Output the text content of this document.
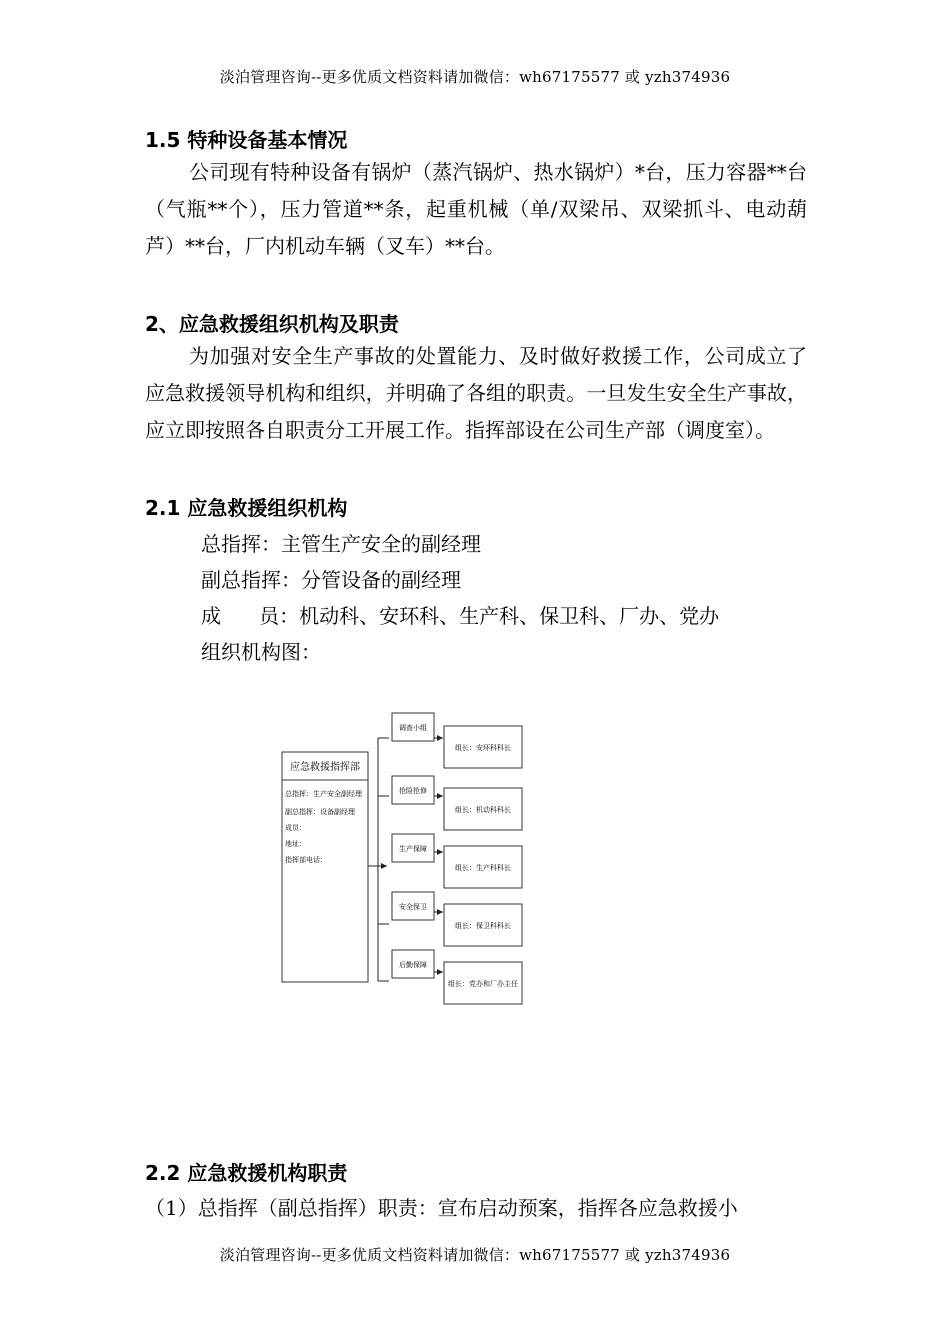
淡泊管理咨询--更多优质文档资料请加微信：wh67175577 或 yzh374936
1.5 特种设备基本情况
公司现有特种设备有锅炉（蒸汽锅炉、热水锅炉）*台，压力容器**台（气瓶**个），压力管道**条，起重机械（单/双梁吊、双梁抓斗、电动葫芦）**台，厂内机动车辆（叉车）**台。
2、应急救援组织机构及职责
为加强对安全生产事故的处置能力、及时做好救援工作，公司成立了应急救援领导机构和组织，并明确了各组的职责。一旦发生安全生产事故，应立即按照各自职责分工开展工作。指挥部设在公司生产部（调度室）。
2.1 应急救援组织机构
总指挥：主管生产安全的副经理
副总指挥：分管设备的副经理
成      员：机动科、安环科、生产科、保卫科、厂办、党办
组织机构图：
应急救援指挥部
总指挥：生产安全副经理
副总指挥：设备副经理
成员：
地址：
指挥部电话：
调查小组
组长：安环科科长
抢险抢修
组长：机动科科长
生产保障
组长：生产科科长
安全保卫
组长：保卫科科长
后勤保障
组长：党办和厂办主任
2.2 应急救援机构职责
（1）总指挥（副总指挥）职责：宣布启动预案，指挥各应急救援小
淡泊管理咨询--更多优质文档资料请加微信：wh67175577 或 yzh374936
